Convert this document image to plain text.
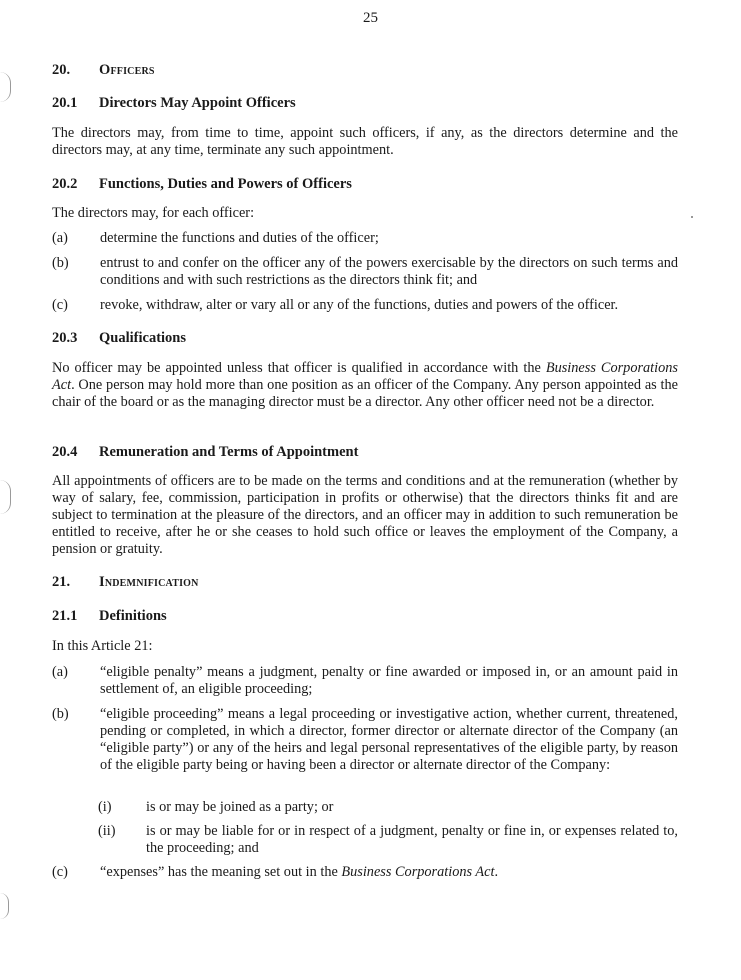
25
20. Officers
20.1 Directors May Appoint Officers
The directors may, from time to time, appoint such officers, if any, as the directors determine and the directors may, at any time, terminate any such appointment.
20.2 Functions, Duties and Powers of Officers
The directors may, for each officer:
(a)	determine the functions and duties of the officer;
(b)	entrust to and confer on the officer any of the powers exercisable by the directors on such terms and conditions and with such restrictions as the directors think fit; and
(c)	revoke, withdraw, alter or vary all or any of the functions, duties and powers of the officer.
20.3 Qualifications
No officer may be appointed unless that officer is qualified in accordance with the Business Corporations Act. One person may hold more than one position as an officer of the Company. Any person appointed as the chair of the board or as the managing director must be a director. Any other officer need not be a director.
20.4 Remuneration and Terms of Appointment
All appointments of officers are to be made on the terms and conditions and at the remuneration (whether by way of salary, fee, commission, participation in profits or otherwise) that the directors thinks fit and are subject to termination at the pleasure of the directors, and an officer may in addition to such remuneration be entitled to receive, after he or she ceases to hold such office or leaves the employment of the Company, a pension or gratuity.
21. Indemnification
21.1 Definitions
In this Article 21:
(a)	“eligible penalty” means a judgment, penalty or fine awarded or imposed in, or an amount paid in settlement of, an eligible proceeding;
(b)	“eligible proceeding” means a legal proceeding or investigative action, whether current, threatened, pending or completed, in which a director, former director or alternate director of the Company (an “eligible party”) or any of the heirs and legal personal representatives of the eligible party, by reason of the eligible party being or having been a director or alternate director of the Company:
(i)	is or may be joined as a party; or
(ii)	is or may be liable for or in respect of a judgment, penalty or fine in, or expenses related to, the proceeding; and
(c)	“expenses” has the meaning set out in the Business Corporations Act.
